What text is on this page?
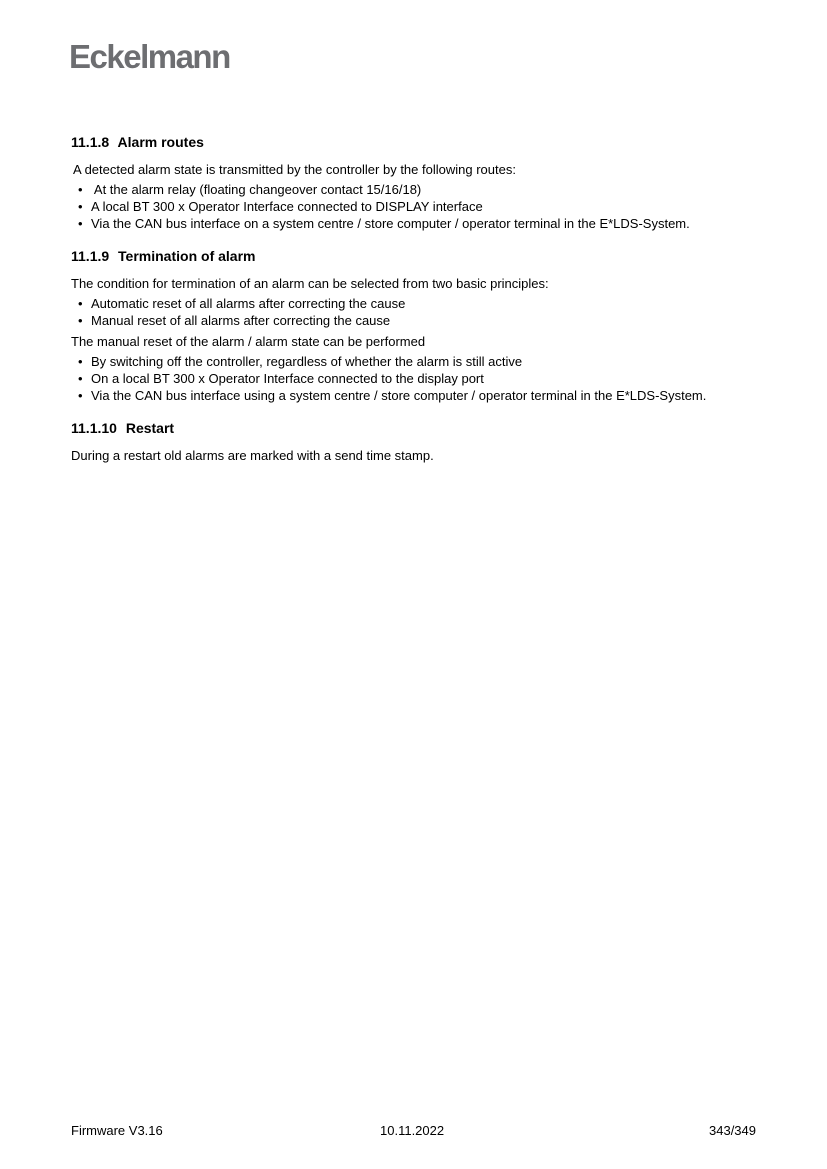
Eckelmann
11.1.8 Alarm routes
A detected alarm state is transmitted by the controller by the following routes:
• At the alarm relay (floating changeover contact 15/16/18)
• A local BT 300 x Operator Interface connected to DISPLAY interface
• Via the CAN bus interface on a system centre / store computer / operator terminal in the E*LDS-System.
11.1.9 Termination of alarm
The condition for termination of an alarm can be selected from two basic principles:
• Automatic reset of all alarms after correcting the cause
• Manual reset of all alarms after correcting the cause
The manual reset of the alarm / alarm state can be performed
• By switching off the controller, regardless of whether the alarm is still active
• On a local BT 300 x Operator Interface connected to the display port
• Via the CAN bus interface using a system centre / store computer / operator terminal in the E*LDS-System.
11.1.10 Restart
During a restart old alarms are marked with a send time stamp.
Firmware V3.16	10.11.2022	343/349
